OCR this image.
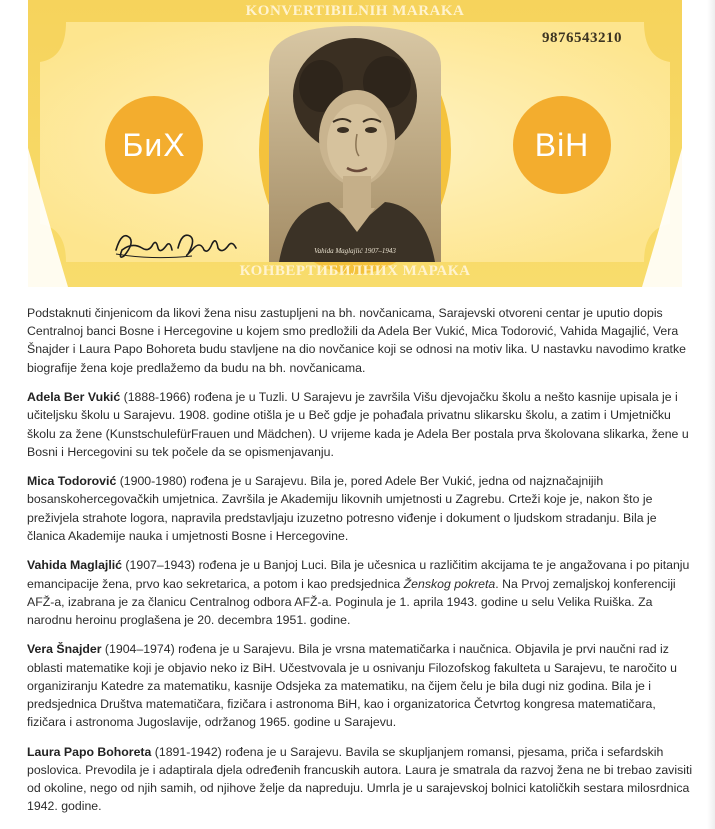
KONVERTIBILNIH MARAKA
9876543210
БиХ	BiH
Vahida Maglajlić 1907–1943
КОНВЕРТИБИЛНИХ МАРАКА

Podstaknuti činjenicom da likovi žena nisu zastupljeni na bh. novčanicama, Sarajevski otvoreni centar je uputio dopis Centralnoj banci Bosne i Hercegovine u kojem smo predložili da Adela Ber Vukić, Mica Todorović, Vahida Magajlić, Vera Šnajder i Laura Papo Bohoreta budu stavljene na dio novčanice koji se odnosi na motiv lika. U nastavku navodimo kratke biografije žena koje predlažemo da budu na bh. novčanicama.

Adela Ber Vukić (1888-1966) rođena je u Tuzli. U Sarajevu je završila Višu djevojačku školu a nešto kasnije upisala je i učiteljsku školu u Sarajevu. 1908. godine otišla je u Beč gdje je pohađala privatnu slikarsku školu, a zatim i Umjetničku školu za žene (KunstschulefürFrauen und Mädchen). U vrijeme kada je Adela Ber postala prva školovana slikarka, žene u Bosni i Hercegovini su tek počele da se opismenjavanju.

Mica Todorović (1900-1980) rođena je u Sarajevu. Bila je, pored Adele Ber Vukić, jedna od najznačajnijih bosanskohercegovačkih umjetnica. Završila je Akademiju likovnih umjetnosti u Zagrebu. Crteži koje je, nakon što je preživjela strahote logora, napravila predstavljaju izuzetno potresno viđenje i dokument o ljudskom stradanju. Bila je članica Akademije nauka i umjetnosti Bosne i Hercegovine.

Vahida Maglajlić (1907–1943) rođena je u Banjoj Luci. Bila je učesnica u različitim akcijama te je angažovana i po pitanju emancipacije žena, prvo kao sekretarica, a potom i kao predsjednica Ženskog pokreta. Na Prvoj zemaljskoj konferenciji AFŽ-a, izabrana je za članicu Centralnog odbora AFŽ-a. Poginula je 1. aprila 1943. godine u selu Velika Ruiška. Za narodnu heroinu proglašena je 20. decembra 1951. godine.

Vera Šnajder (1904–1974) rođena je u Sarajevu. Bila je vrsna matematičarka i naučnica. Objavila je prvi naučni rad iz oblasti matematike koji je objavio neko iz BiH. Učestvovala je u osnivanju Filozofskog fakulteta u Sarajevu, te naročito u organiziranju Katedre za matematiku, kasnije Odsjeka za matematiku, na čijem čelu je bila dugi niz godina. Bila je i predsjednica Društva matematičara, fizičara i astronoma BiH, kao i organizatorica Četvrtog kongresa matematičara, fizičara i astronoma Jugoslavije, održanog 1965. godine u Sarajevu.

Laura Papo Bohoreta (1891-1942) rođena je u Sarajevu. Bavila se skupljanjem romansi, pjesama, priča i sefardskih poslovica. Prevodila je i adaptirala djela određenih francuskih autora. Laura je smatrala da razvoj žena ne bi trebao zavisiti od okoline, nego od njih samih, od njihove želje da napreduju. Umrla je u sarajevskoj bolnici katoličkih sestara milosrdnica 1942. godine.
